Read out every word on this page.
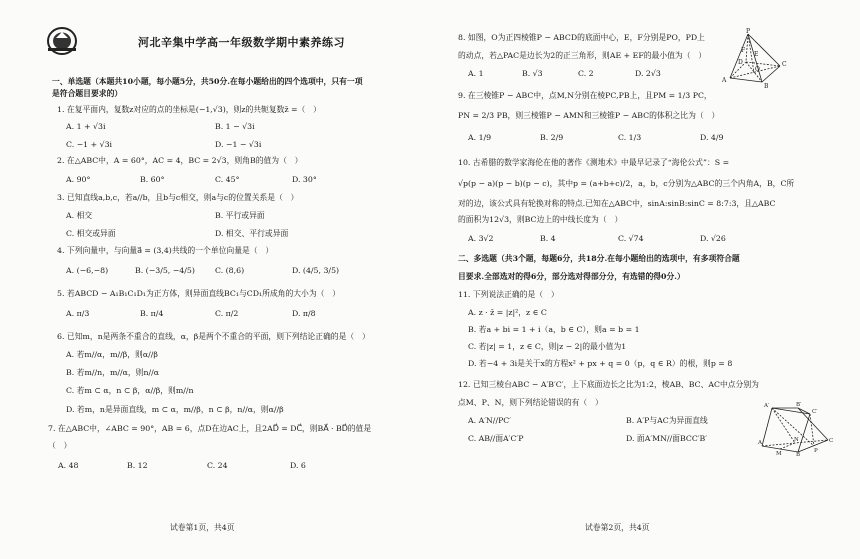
河北辛集中学高一年级数学期中素养练习
一、单选题（本题共10小题，每小题5分，共50分.在每小题给出的四个选项中，只有一项
是符合题目要求的）
1. 在复平面内，复数z对应的点的坐标是(−1,√3)，则z的共轭复数z̄ =（　）
A. 1 + √3i	B. 1 − √3i
C. −1 + √3i	D. −1 − √3i
2. 在△ABC中，A = 60°，AC = 4，BC = 2√3，则角B的值为（　）
A. 90°	B. 60°	C. 45°	D. 30°
3. 已知直线a,b,c，若a//b，且b与c相交，则a与c的位置关系是（　）
A. 相交	B. 平行或异面
C. 相交或异面	D. 相交、平行或异面
4. 下列向量中，与向量a⃗ = (3,4)共线的一个单位向量是（　）
A. (−6,−8)	B. (−3/5, −4/5)	C. (8,6)	D. (4/5, 3/5)
5. 若ABCD − A₁B₁C₁D₁为正方体，则异面直线BC₁与CD₁所成角的大小为（　）
A. π/3	B. π/4	C. π/2	D. π/8
6. 已知m，n是两条不重合的直线，α，β是两个不重合的平面，则下列结论正确的是（　）
A. 若m//α，m//β，则α//β
B. 若m//n，m//α，则n//α
C. 若m ⊂ α，n ⊂ β，α//β，则m//n
D. 若m，n是异面直线，m ⊂ α，m//β，n ⊂ β，n//α，则α//β
7. 在△ABC中，∠ABC = 90°，AB = 6，点D在边AC上，且2AD⃗ = DC⃗，则BA⃗ · BD⃗的值是
（　）
A. 48	B. 12	C. 24	D. 6
试卷第1页，共4页
8. 如图，O为正四棱锥P − ABCD的底面中心，E，F分别是PO，PD上
的动点，若△PAC是边长为2的正三角形，则AE + EF的最小值为（　）
A. 1	B. √3	C. 2	D. 2√3
P
F
E
D	C
O
A
B
9. 在三棱锥P − ABC中，点M,N分别在棱PC,PB上，且PM = 1/3 PC，
PN = 2/3 PB，则三棱锥P − AMN和三棱锥P − ABC的体积之比为（　）
A. 1/9	B. 2/9	C. 1/3	D. 4/9
10. 古希腊的数学家海伦在他的著作《测地术》中最早记录了“海伦公式”：S =
√p(p − a)(p − b)(p − c)，其中p = (a+b+c)/2，a，b，c分别为△ABC的三个内角A，B，C所
对的边，该公式具有轮换对称的特点.已知在△ABC中，sinA:sinB:sinC = 8:7:3，且△ABC
的面积为12√3，则BC边上的中线长度为（　）
A. 3√2	B. 4	C. √74	D. √26
二、多选题（共3个题，每题6分，共18分.在每小题给出的选项中，有多项符合题
目要求.全部选对的得6分，部分选对得部分分，有选错的得0分.）
11. 下列说法正确的是（　）
A. z · z̄ = |z|²，z ∈ C
B. 若a + bi = 1 + i（a，b ∈ C），则a = b = 1
C. 若|z| = 1，z ∈ C，则|z − 2|的最小值为1
D. 若−4 + 3i是关于x的方程x² + px + q = 0（p，q ∈ R）的根，则p = 8
12. 已知三棱台ABC − A′B′C′，上下底面边长之比为1:2，棱AB、BC、AC中点分别为
点M、P、N，则下列结论错误的有（　）
A. A′N//PC′	B. A′P与AC为异面直线
C. AB//面A′C′P	D. 面A′MN//面BCC′B′
A′	B′
C′
A
M	P
N
B
C
试卷第2页，共4页
